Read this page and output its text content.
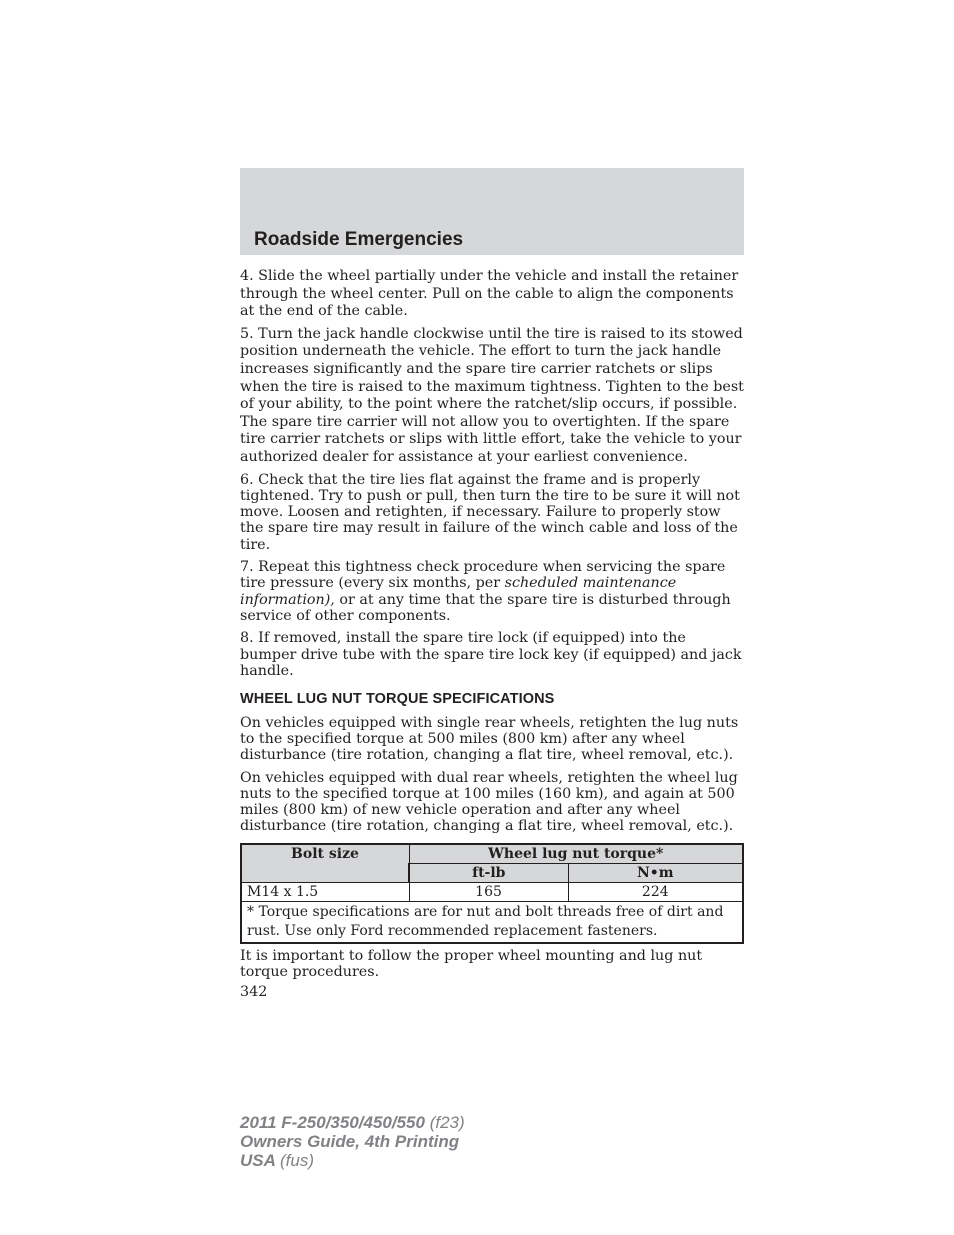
Roadside Emergencies

4. Slide the wheel partially under the vehicle and install the retainer through the wheel center. Pull on the cable to align the components at the end of the cable.

5. Turn the jack handle clockwise until the tire is raised to its stowed position underneath the vehicle. The effort to turn the jack handle increases significantly and the spare tire carrier ratchets or slips when the tire is raised to the maximum tightness. Tighten to the best of your ability, to the point where the ratchet/slip occurs, if possible. The spare tire carrier will not allow you to overtighten. If the spare tire carrier ratchets or slips with little effort, take the vehicle to your authorized dealer for assistance at your earliest convenience.

6. Check that the tire lies flat against the frame and is properly tightened. Try to push or pull, then turn the tire to be sure it will not move. Loosen and retighten, if necessary. Failure to properly stow the spare tire may result in failure of the winch cable and loss of the tire.

7. Repeat this tightness check procedure when servicing the spare tire pressure (every six months, per scheduled maintenance information), or at any time that the spare tire is disturbed through service of other components.

8. If removed, install the spare tire lock (if equipped) into the bumper drive tube with the spare tire lock key (if equipped) and jack handle.

WHEEL LUG NUT TORQUE SPECIFICATIONS

On vehicles equipped with single rear wheels, retighten the lug nuts to the specified torque at 500 miles (800 km) after any wheel disturbance (tire rotation, changing a flat tire, wheel removal, etc.).

On vehicles equipped with dual rear wheels, retighten the wheel lug nuts to the specified torque at 100 miles (160 km), and again at 500 miles (800 km) of new vehicle operation and after any wheel disturbance (tire rotation, changing a flat tire, wheel removal, etc.).

Bolt size	Wheel lug nut torque*	
	ft-lb	N•m
M14 x 1.5	165	224
* Torque specifications are for nut and bolt threads free of dirt and rust. Use only Ford recommended replacement fasteners.		

It is important to follow the proper wheel mounting and lug nut torque procedures.

342
2011 F-250/350/450/550 (f23)
Owners Guide, 4th Printing
USA (fus)
